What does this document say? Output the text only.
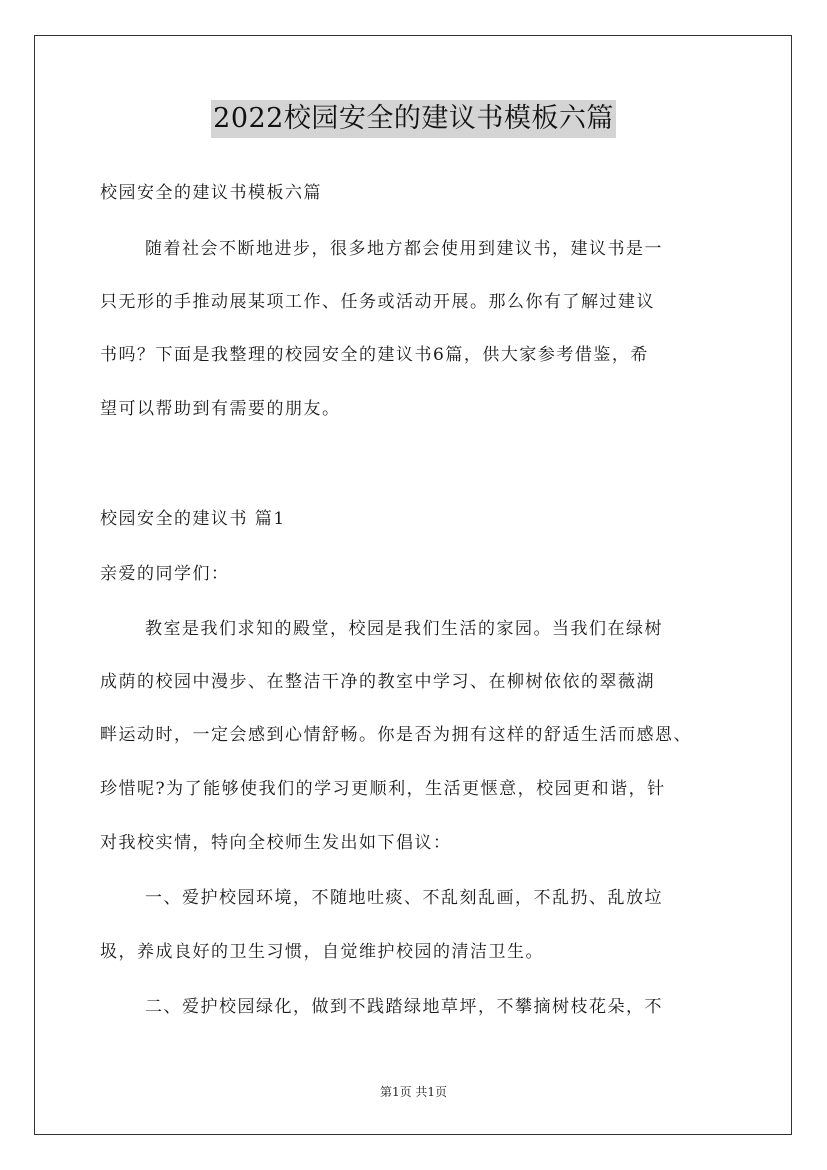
2022校园安全的建议书模板六篇
校园安全的建议书模板六篇
随着社会不断地进步，很多地方都会使用到建议书，建议书是一
只无形的手推动展某项工作、任务或活动开展。那么你有了解过建议
书吗？下面是我整理的校园安全的建议书6篇，供大家参考借鉴，希
望可以帮助到有需要的朋友。
校园安全的建议书 篇1
亲爱的同学们：
教室是我们求知的殿堂，校园是我们生活的家园。当我们在绿树
成荫的校园中漫步、在整洁干净的教室中学习、在柳树依依的翠薇湖
畔运动时，一定会感到心情舒畅。你是否为拥有这样的舒适生活而感恩、
珍惜呢?为了能够使我们的学习更顺利，生活更惬意，校园更和谐，针
对我校实情，特向全校师生发出如下倡议：
一、爱护校园环境，不随地吐痰、不乱刻乱画，不乱扔、乱放垃
圾，养成良好的卫生习惯，自觉维护校园的清洁卫生。
二、爱护校园绿化，做到不践踏绿地草坪，不攀摘树枝花朵，不
第1页 共1页
